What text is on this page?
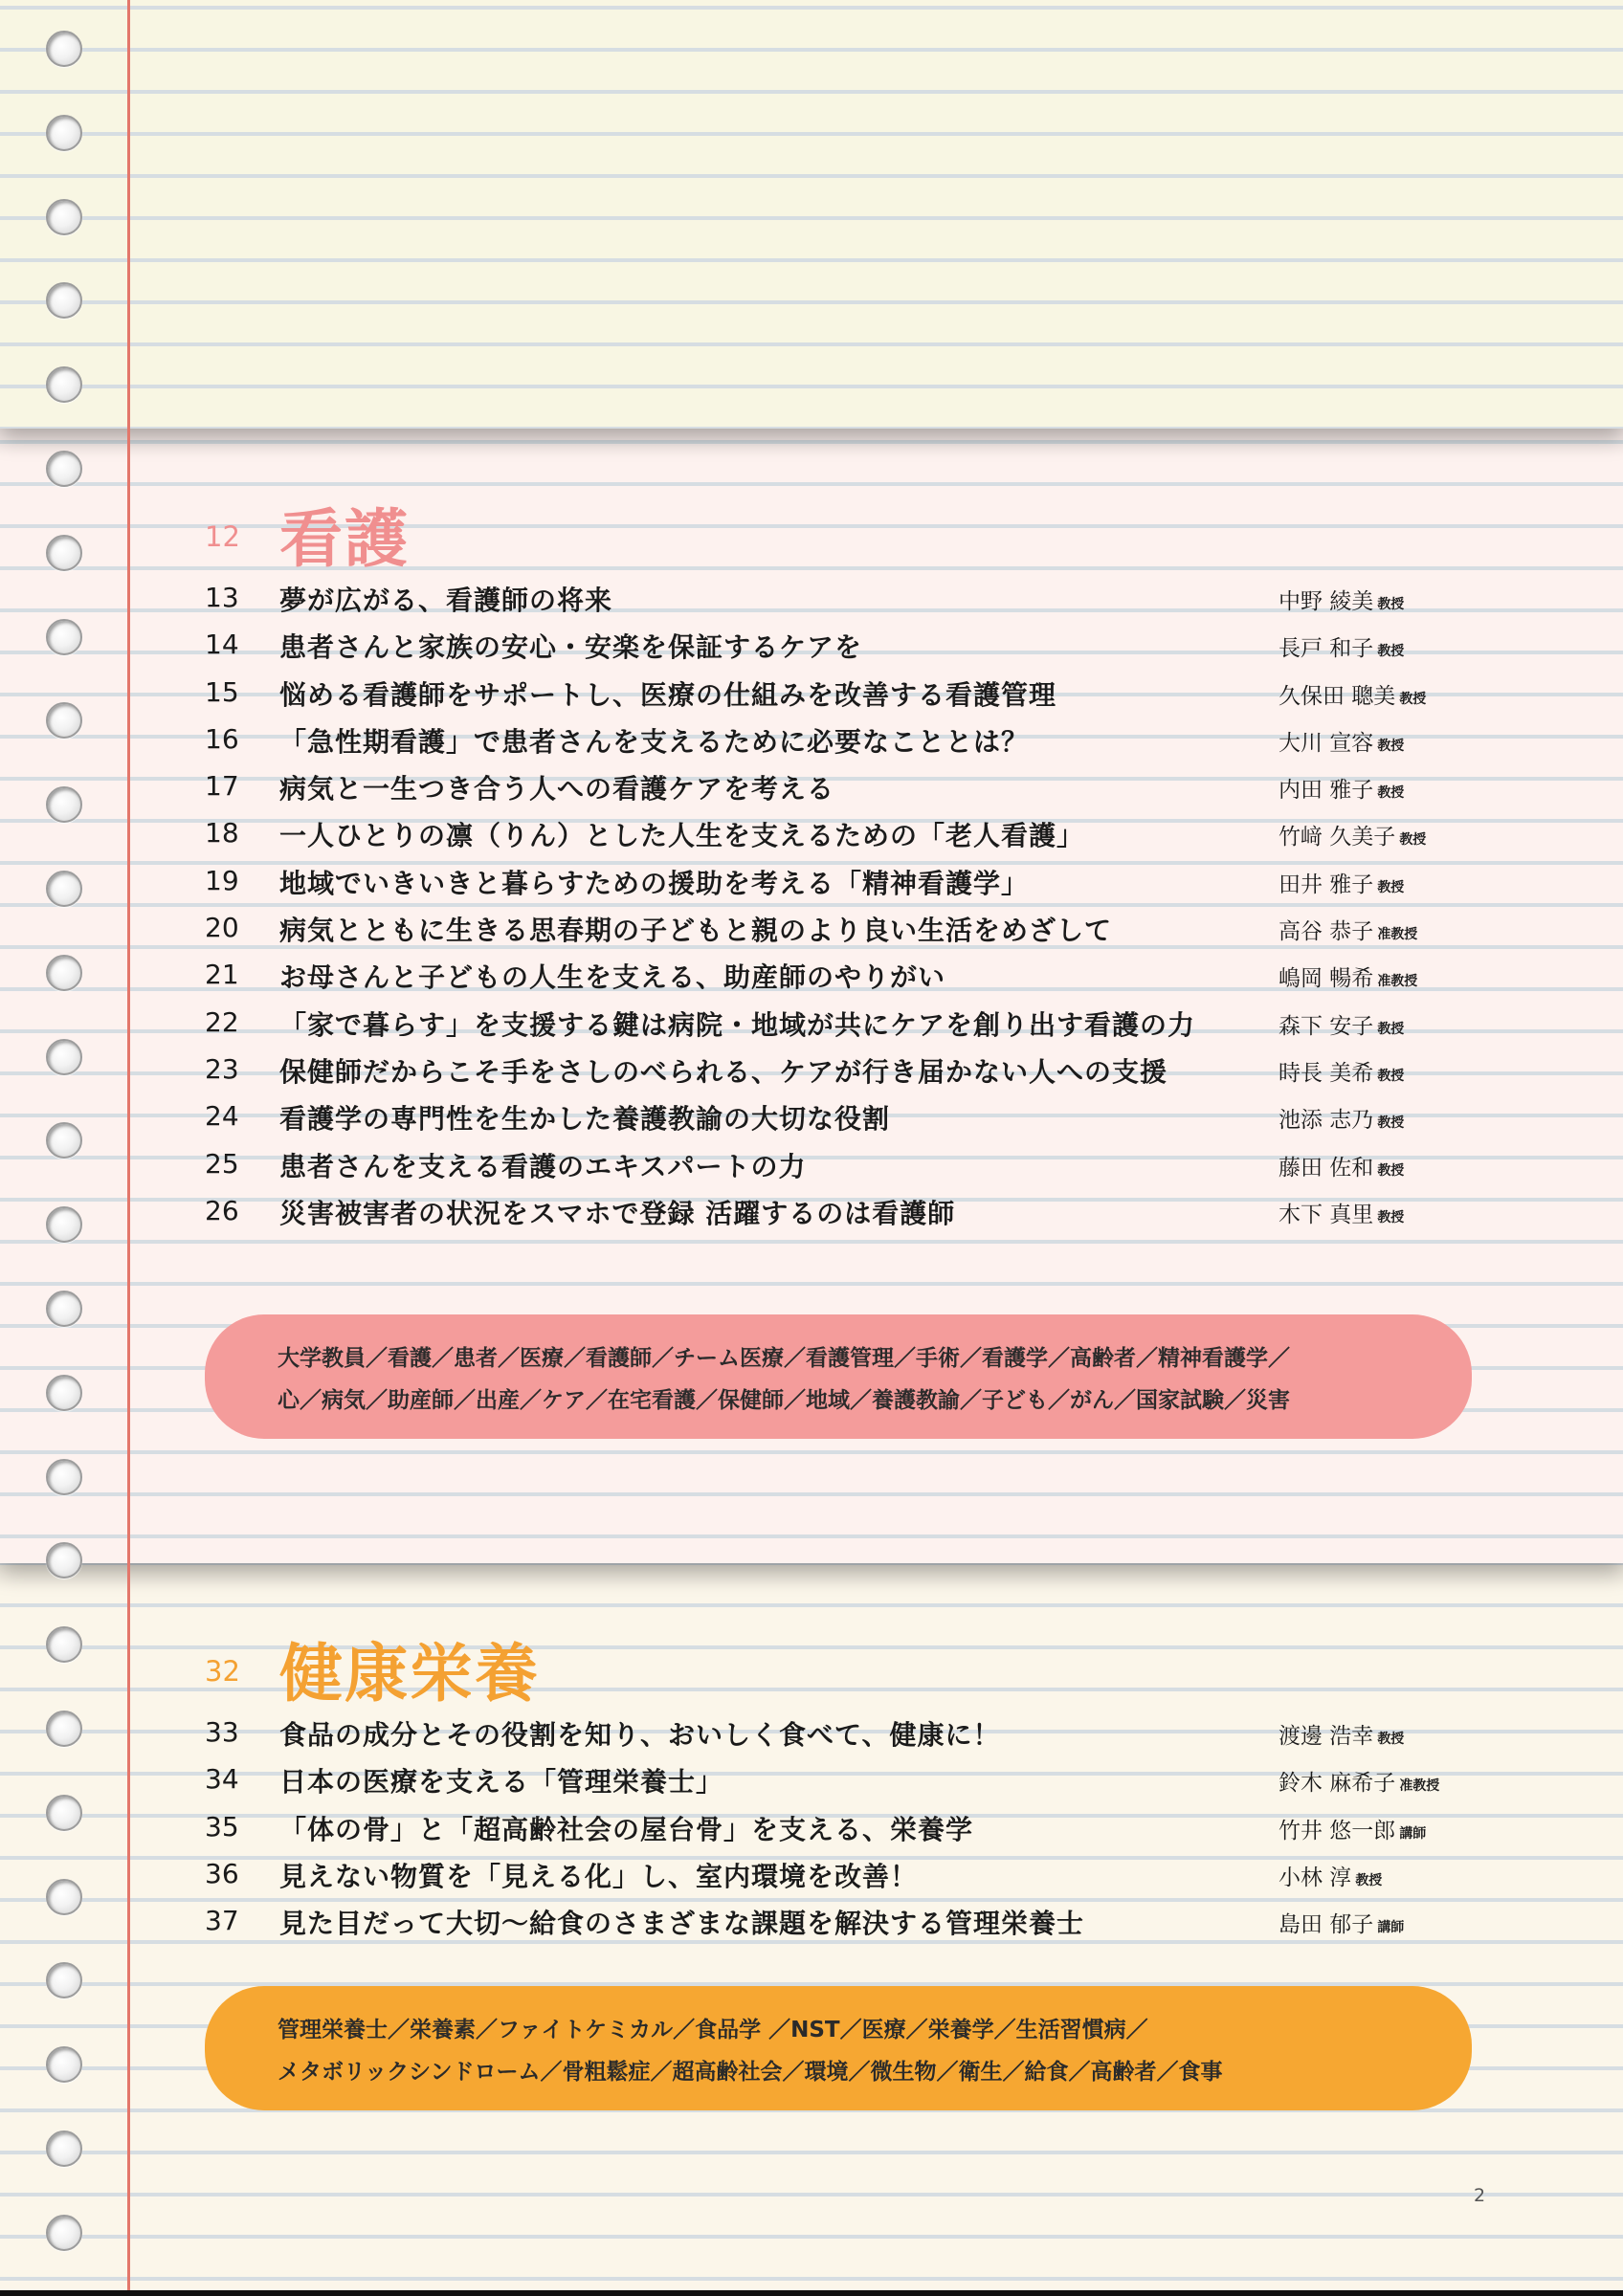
12 看護
13 夢が広がる、看護師の将来	中野 綾美 教授
14 患者さんと家族の安心・安楽を保証するケアを	長戸 和子 教授
15 悩める看護師をサポートし、医療の仕組みを改善する看護管理	久保田 聰美 教授
16 「急性期看護」で患者さんを支えるために必要なこととは？	大川 宣容 教授
17 病気と一生つき合う人への看護ケアを考える	内田 雅子 教授
18 一人ひとりの凛（りん）とした人生を支えるための「老人看護」	竹﨑 久美子 教授
19 地域でいきいきと暮らすための援助を考える「精神看護学」	田井 雅子 教授
20 病気とともに生きる思春期の子どもと親のより良い生活をめざして	高谷 恭子 准教授
21 お母さんと子どもの人生を支える、助産師のやりがい	嶋岡 暢希 准教授
22 「家で暮らす」を支援する鍵は病院・地域が共にケアを創り出す看護の力	森下 安子 教授
23 保健師だからこそ手をさしのべられる、ケアが行き届かない人への支援	時長 美希 教授
24 看護学の専門性を生かした養護教諭の大切な役割	池添 志乃 教授
25 患者さんを支える看護のエキスパートの力	藤田 佐和 教授
26 災害被害者の状況をスマホで登録 活躍するのは看護師	木下 真里 教授
大学教員／看護／患者／医療／看護師／チーム医療／看護管理／手術／看護学／高齢者／精神看護学／
心／病気／助産師／出産／ケア／在宅看護／保健師／地域／養護教諭／子ども／がん／国家試験／災害
32 健康栄養
33 食品の成分とその役割を知り、おいしく食べて、健康に！	渡邊 浩幸 教授
34 日本の医療を支える「管理栄養士」	鈴木 麻希子 准教授
35 「体の骨」と「超高齢社会の屋台骨」を支える、栄養学	竹井 悠一郎 講師
36 見えない物質を「見える化」し、室内環境を改善！	小林 淳 教授
37 見た目だって大切〜給食のさまざまな課題を解決する管理栄養士	島田 郁子 講師
管理栄養士／栄養素／ファイトケミカル／食品学 ／NST／医療／栄養学／生活習慣病／
メタボリックシンドローム／骨粗鬆症／超高齢社会／環境／微生物／衛生／給食／高齢者／食事
2
